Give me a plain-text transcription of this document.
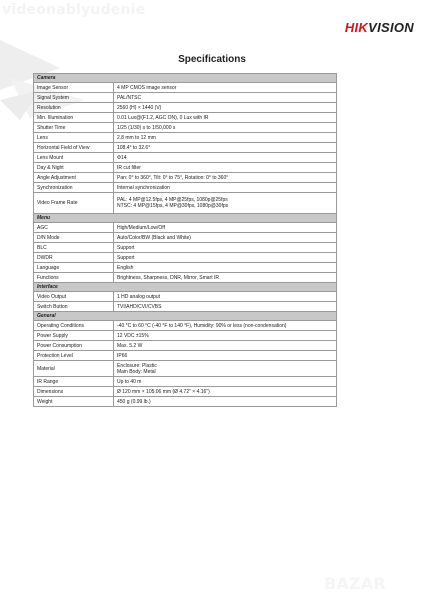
videonablyudenie
BAZAR
HIKVISION
Specifications
Camera	
Image Sensor	4 MP CMOS image sensor
Signal System	PAL/NTSC
Resolution	2560 (H) × 1440 (V)
Min. Illumination	0.01 Lux@(F1.2, AGC ON), 0 Lux with IR
Shutter Time	1/25 (1/30) s to 1/50,000 s
Lens	2.8 mm to 12 mm
Horizontal Field of View	108.4° to 32.6°
Lens Mount	Φ14
Day & Night	IR cut filter
Angle Adjustment	Pan: 0° to 360°, Tilt: 0° to 75°, Rotation: 0° to 360°
Synchronization	Internal synchronization
Video Frame Rate	PAL: 4 MP@12.5fps, 4 MP@25fps, 1080p@25fps
NTSC: 4 MP@15fps, 4 MP@30fps, 1080p@30fps

Menu	
AGC	High/Medium/Low/Off
D/N Mode	Auto/Color/BW (Black and White)
BLC	Support
DWDR	Support
Language	English
Functions	Brightness, Sharpness, DNR, Mirror, Smart IR
Interface	
Video Output	1 HD analog output
Switch Button	TVI/AHD/CVI/CVBS
General	
Operating Conditions	-40 °C to 60 °C (-40 °F to 140 °F), Humidity: 90% or less (non-condensation)
Power Supply	12 VDC ±15%
Power Consumption	Max. 5.2 W
Protection Level	IP66
Material	Enclosure: Plastic
Main Body: Metal

IR Range	Up to 40 m
Dimensions	Ø 120 mm × 105.06 mm (Ø 4.72" × 4.16")
Weight	450 g (0.99 lb.)
